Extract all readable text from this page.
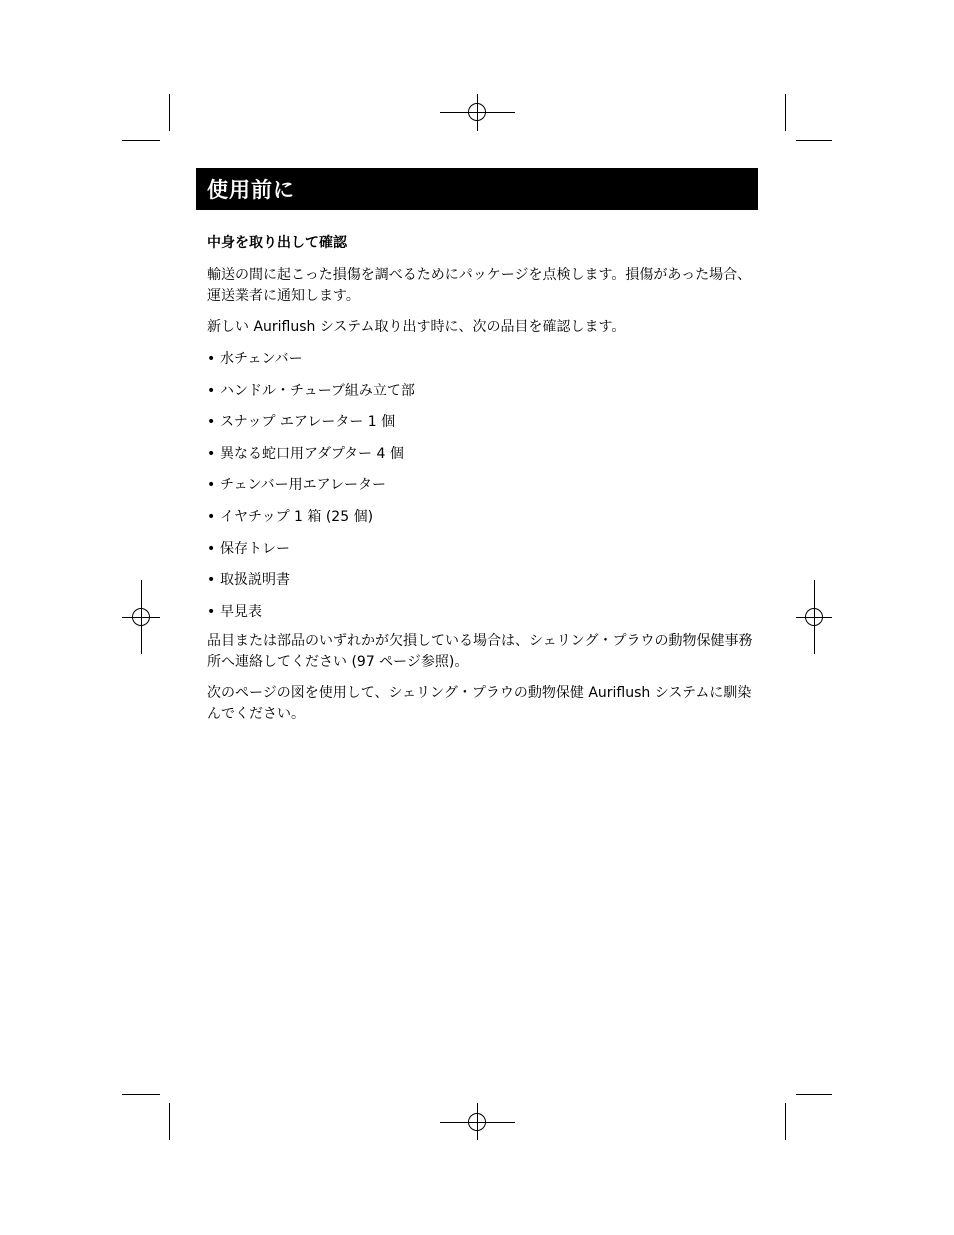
使用前に
中身を取り出して確認

輸送の間に起こった損傷を調べるためにパッケージを点検します。損傷があった場合、運送業者に通知します。

新しい Auriflush システム取り出す時に、次の品目を確認します。

• 水チェンバー
• ハンドル・チューブ組み立て部
• スナップ エアレーター 1 個
• 異なる蛇口用アダプター 4 個
• チェンバー用エアレーター
• イヤチップ 1 箱 (25 個)
• 保存トレー
• 取扱説明書
• 早見表

品目または部品のいずれかが欠損している場合は、シェリング・プラウの動物保健事務所へ連絡してください (97 ページ参照)。

次のページの図を使用して、シェリング・プラウの動物保健 Auriflush システムに馴染んでください。
